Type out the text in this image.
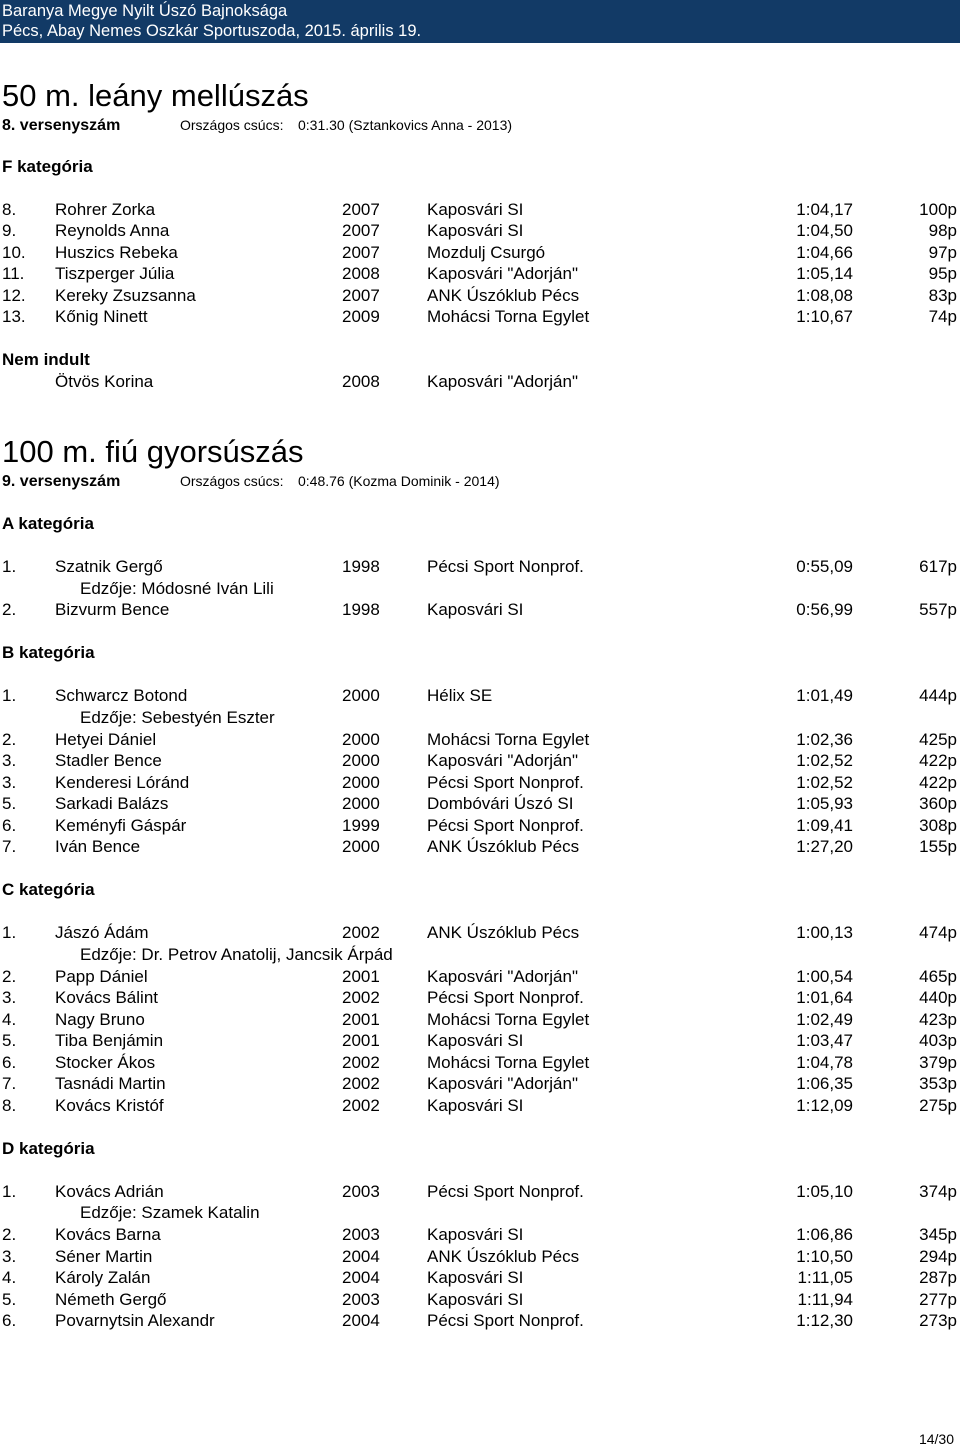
Baranya Megye Nyilt Úszó Bajnoksága
Pécs, Abay Nemes Oszkár Sportuszoda, 2015. április 19.
50 m. leány mellúszás
8. versenyszám	Országos csúcs: 0:31.30 (Sztankovics Anna - 2013)
F kategória
8. Rohrer Zorka	2007	Kaposvári SI	1:04,17	100p
9. Reynolds Anna	2007	Kaposvári SI	1:04,50	98p
10. Huszics Rebeka	2007	Mozdulj Csurgó	1:04,66	97p
11. Tiszperger Júlia	2008	Kaposvári "Adorján"	1:05,14	95p
12. Kereky Zsuzsanna	2007	ANK Úszóklub Pécs	1:08,08	83p
13. Kőnig Ninett	2009	Mohácsi Torna Egylet	1:10,67	74p
Nem indult
Ötvös Korina	2008	Kaposvári "Adorján"
100 m. fiú gyorsúszás
9. versenyszám	Országos csúcs: 0:48.76 (Kozma Dominik - 2014)
A kategória
1. Szatnik Gergő	1998	Pécsi Sport Nonprof.	0:55,09	617p
Edzője: Módosné Iván Lili
2. Bizvurm Bence	1998	Kaposvári SI	0:56,99	557p
B kategória
1. Schwarcz Botond	2000	Hélix SE	1:01,49	444p
Edzője: Sebestyén Eszter
2. Hetyei Dániel	2000	Mohácsi Torna Egylet	1:02,36	425p
3. Stadler Bence	2000	Kaposvári "Adorján"	1:02,52	422p
3. Kenderesi Lóránd	2000	Pécsi Sport Nonprof.	1:02,52	422p
5. Sarkadi Balázs	2000	Dombóvári Úszó SI	1:05,93	360p
6. Keményfi Gáspár	1999	Pécsi Sport Nonprof.	1:09,41	308p
7. Iván Bence	2000	ANK Úszóklub Pécs	1:27,20	155p
C kategória
1. Jászó Ádám	2002	ANK Úszóklub Pécs	1:00,13	474p
Edzője: Dr. Petrov Anatolij, Jancsik Árpád
2. Papp Dániel	2001	Kaposvári "Adorján"	1:00,54	465p
3. Kovács Bálint	2002	Pécsi Sport Nonprof.	1:01,64	440p
4. Nagy Bruno	2001	Mohácsi Torna Egylet	1:02,49	423p
5. Tiba Benjámin	2001	Kaposvári SI	1:03,47	403p
6. Stocker Ákos	2002	Mohácsi Torna Egylet	1:04,78	379p
7. Tasnádi Martin	2002	Kaposvári "Adorján"	1:06,35	353p
8. Kovács Kristóf	2002	Kaposvári SI	1:12,09	275p
D kategória
1. Kovács Adrián	2003	Pécsi Sport Nonprof.	1:05,10	374p
Edzője: Szamek Katalin
2. Kovács Barna	2003	Kaposvári SI	1:06,86	345p
3. Séner Martin	2004	ANK Úszóklub Pécs	1:10,50	294p
4. Károly Zalán	2004	Kaposvári SI	1:11,05	287p
5. Németh Gergő	2003	Kaposvári SI	1:11,94	277p
6. Povarnytsin Alexandr	2004	Pécsi Sport Nonprof.	1:12,30	273p
14/30
